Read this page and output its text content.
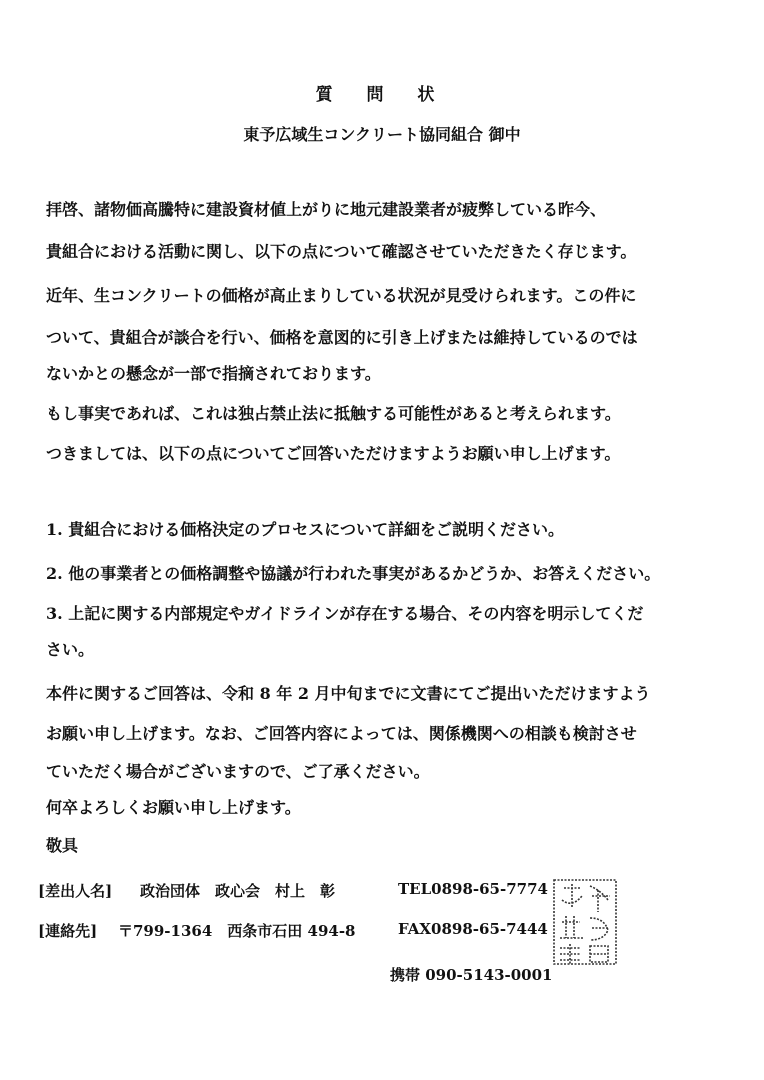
質 問 状
東予広域生コンクリート協同組合 御中
拝啓、諸物価高騰特に建設資材値上がりに地元建設業者が疲弊している昨今、
貴組合における活動に関し、以下の点について確認させていただきたく存じます。
近年、生コンクリートの価格が高止まりしている状況が見受けられます。この件に
ついて、貴組合が談合を行い、価格を意図的に引き上げまたは維持しているのでは
ないかとの懸念が一部で指摘されております。
もし事実であれば、これは独占禁止法に抵触する可能性があると考えられます。
つきましては、以下の点についてご回答いただけますようお願い申し上げます。
1. 貴組合における価格決定のプロセスについて詳細をご説明ください。
2. 他の事業者との価格調整や協議が行われた事実があるかどうか、お答えください。
3. 上記に関する内部規定やガイドラインが存在する場合、その内容を明示してくだ
さい。
本件に関するご回答は、令和 8 年 2 月中旬までに文書にてご提出いただけますよう
お願い申し上げます。なお、ご回答内容によっては、関係機関への相談も検討させ
ていただく場合がございますので、ご了承ください。
何卒よろしくお願い申し上げます。
敬具
[差出人名] 政治団体　政心会　村上　彰	TEL0898-65-7774
[連絡先] 〒799-1364　西条市石田 494-8	FAX0898-65-7444
携帯 090-5143-0001
